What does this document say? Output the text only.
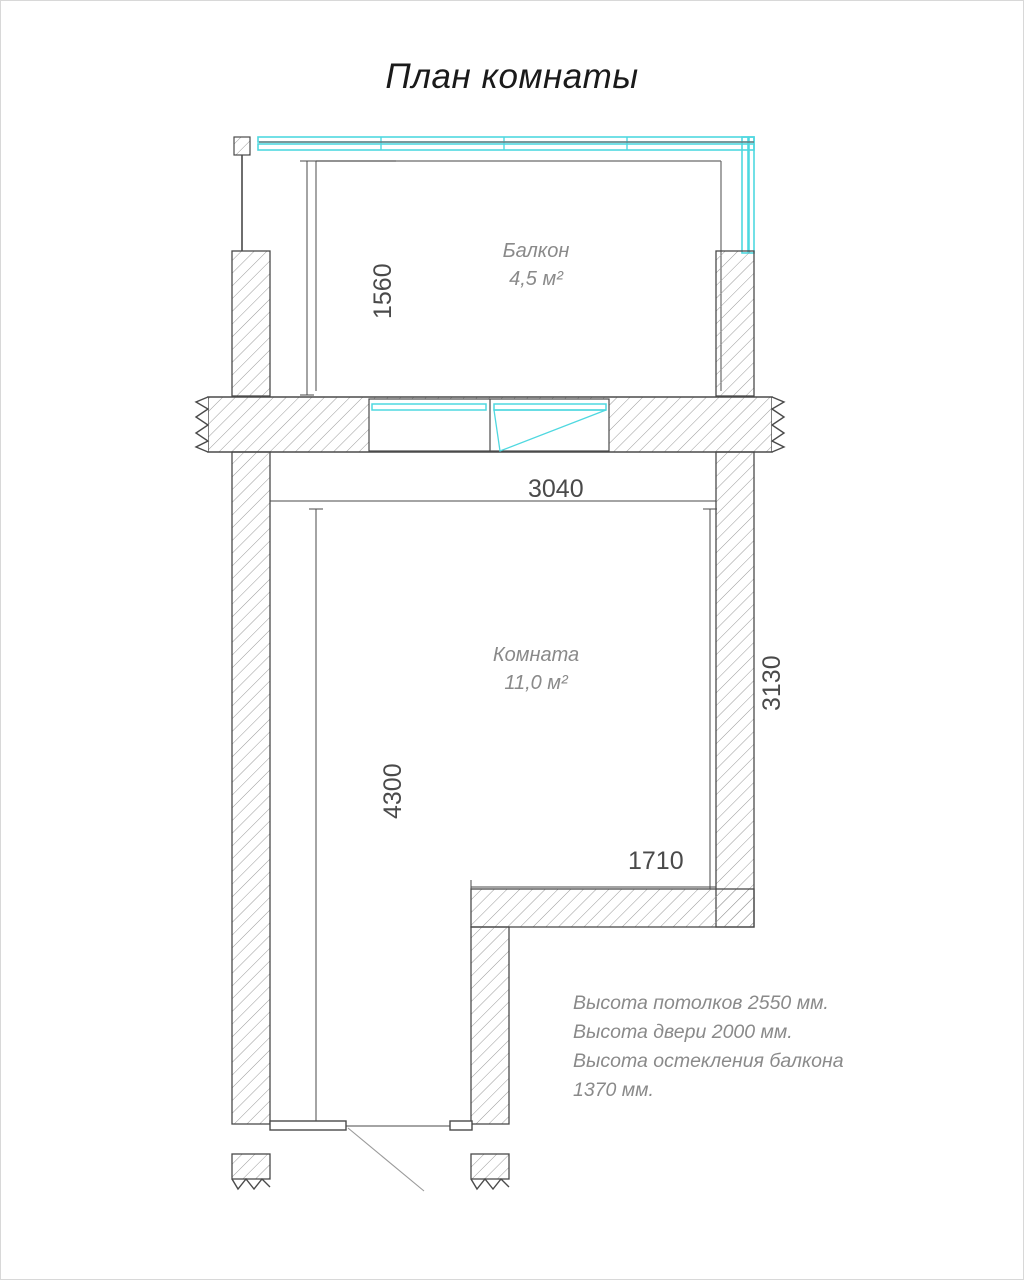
План комнаты
Балкон
4,5 м²
Комната
11,0 м²
1560
3040
4300
3130
1710
Высота потолков 2550 мм.
Высота двери 2000 мм.
Высота остекления балкона
1370 мм.
